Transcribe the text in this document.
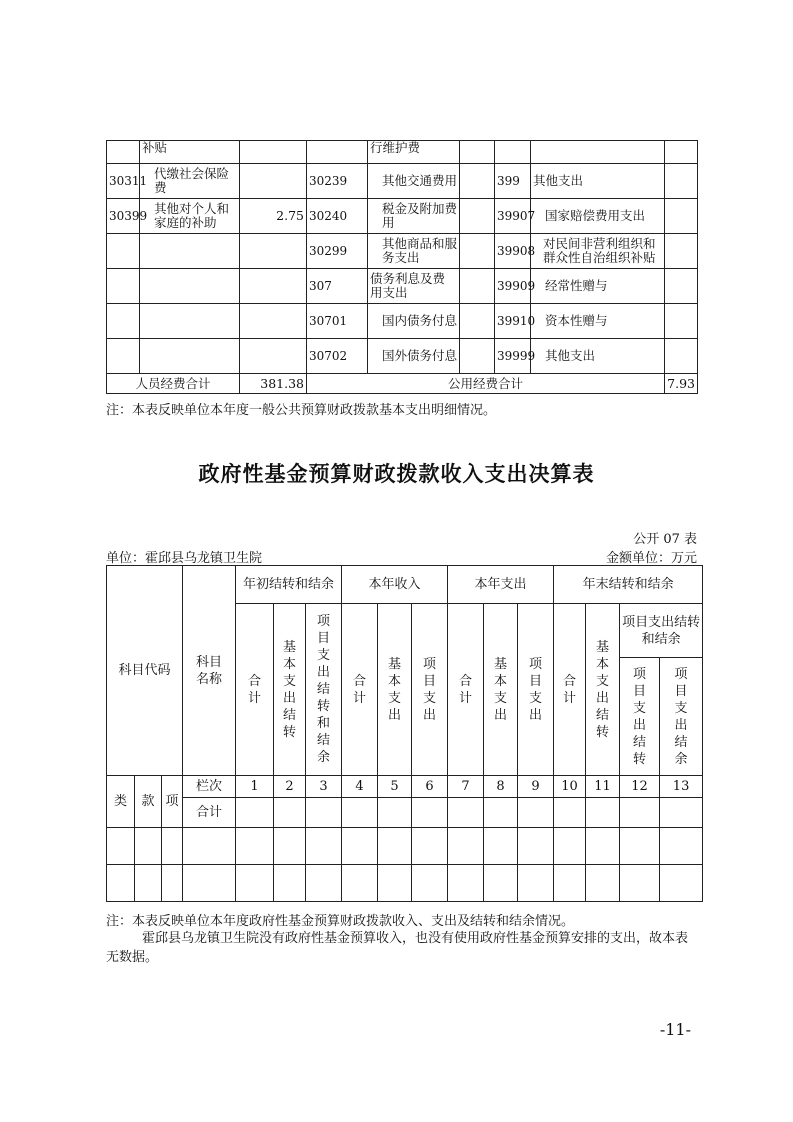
	补贴			行维护费				
30311	代缴社会保险费		30239	其他交通费用		399	其他支出	
30399	其他对个人和家庭的补助	2.75	30240	税金及附加费用		39907	国家赔偿费用支出	
			30299	其他商品和服务支出		39908	对民间非营利组织和群众性自治组织补贴	
			307	债务利息及费用支出		39909	经常性赠与	
			30701	国内债务付息		39910	资本性赠与	
			30702	国外债务付息		39999	其他支出	
人员经费合计		381.38	公用经费合计					7.93
注：本表反映单位本年度一般公共预算财政拨款基本支出明细情况。
政府性基金预算财政拨款收入支出决算表
公开 07 表
单位：霍邱县乌龙镇卫生院	金额单位：万元
科目代码			科目名称	年初结转和结余			本年收入			本年支出			年末结转和结余			

				合计	基本支出结转	项目支出结转和结余	合计	基本支出	项目支出	合计	基本支出	项目支出	合计	基本支出结转	项目支出结转和结余	

															项目支出结转	项目支出结余

类	款	项	栏次	1	2	3	4	5	6	7	8	9	10	11	12	13
			合计													

注：本表反映单位本年度政府性基金预算财政拨款收入、支出及结转和结余情况。
霍邱县乌龙镇卫生院没有政府性基金预算收入，也没有使用政府性基金预算安排的支出，故本表无数据。
-11-
